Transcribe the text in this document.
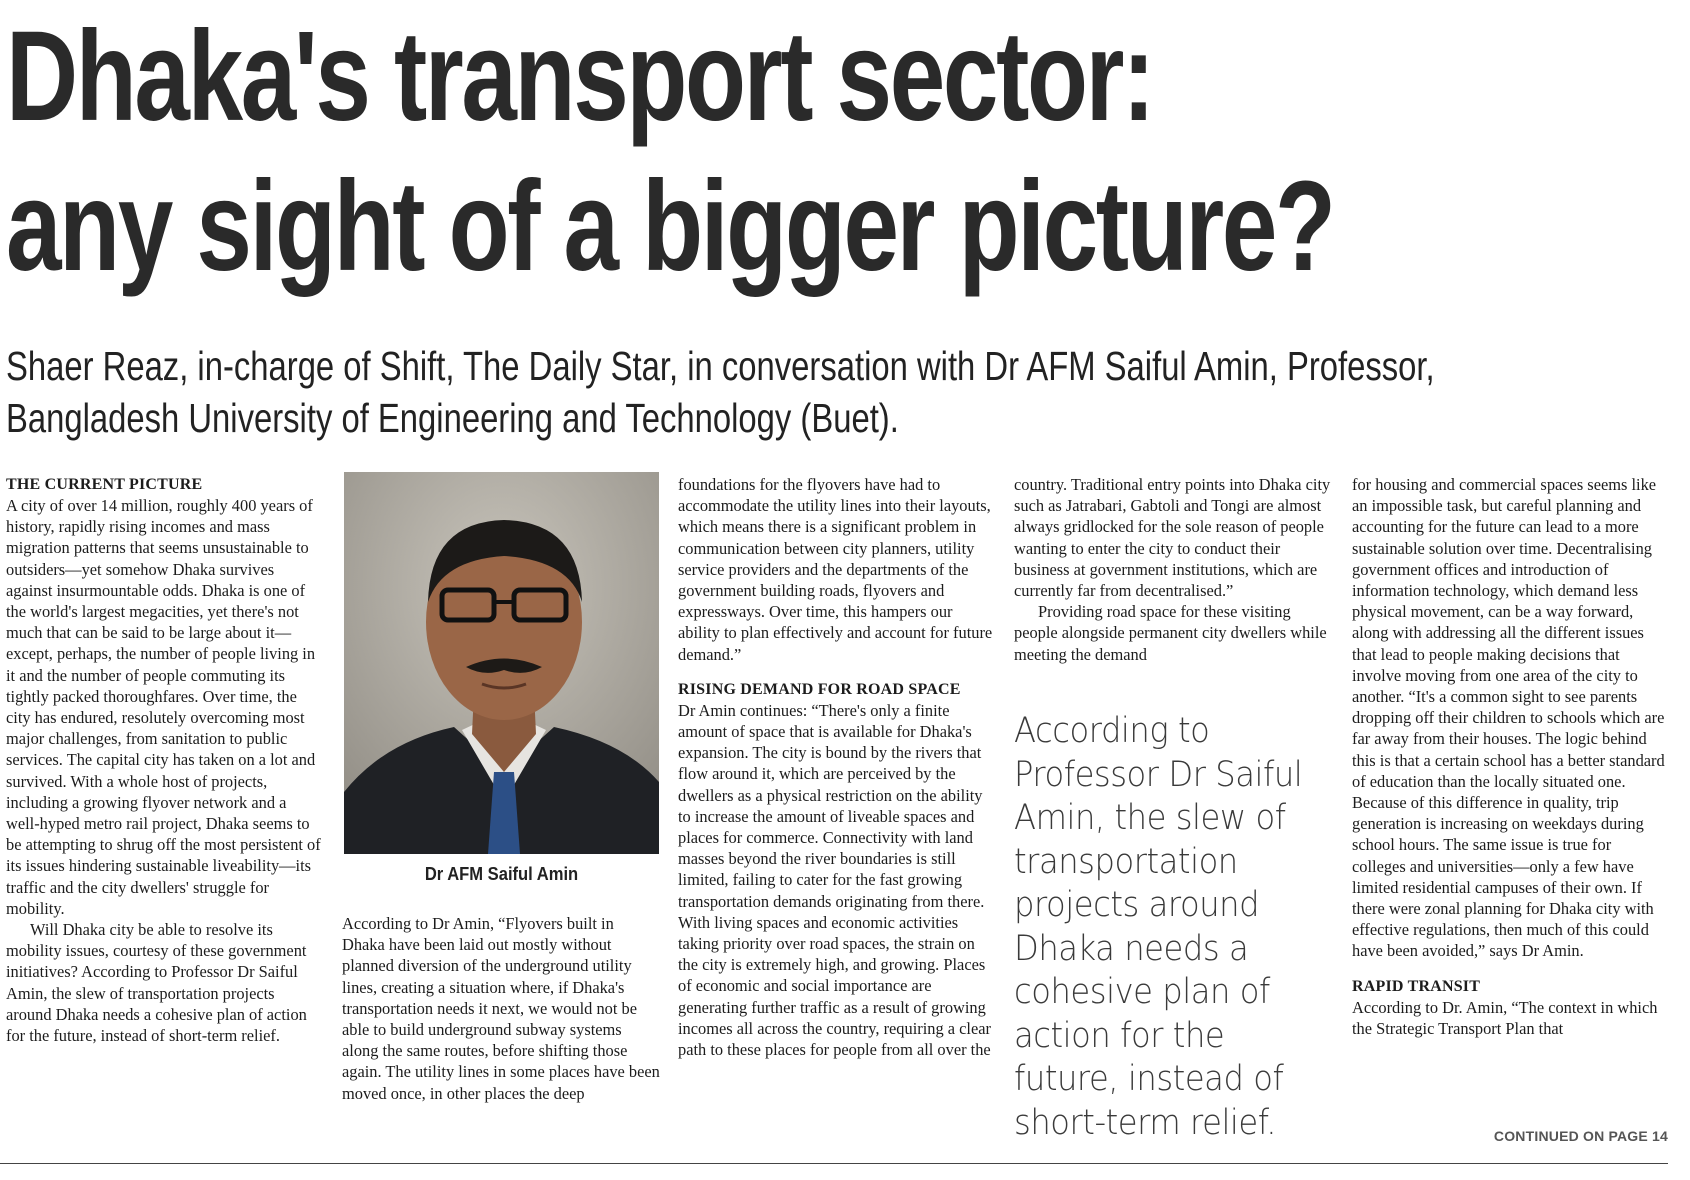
Dhaka's transport sector:
any sight of a bigger picture?
Shaer Reaz, in-charge of Shift, The Daily Star, in conversation with Dr AFM Saiful Amin, Professor,
Bangladesh University of Engineering and Technology (Buet).

THE CURRENT PICTURE

A city of over 14 million, roughly 400 years of history, rapidly rising incomes and mass migration patterns that seems unsustainable to outsiders—yet somehow Dhaka survives against insurmountable odds. Dhaka is one of the world's largest megacities, yet there's not much that can be said to be large about it—except, perhaps, the number of people living in it and the number of people commuting its tightly packed thoroughfares. Over time, the city has endured, resolutely overcoming most major challenges, from sanitation to public services. The capital city has taken on a lot and survived. With a whole host of projects, including a growing flyover network and a well-hyped metro rail project, Dhaka seems to be attempting to shrug off the most persistent of its issues hindering sustainable liveability—its traffic and the city dwellers' struggle for mobility.

Will Dhaka city be able to resolve its mobility issues, courtesy of these government initiatives? According to Professor Dr Saiful Amin, the slew of transportation projects around Dhaka needs a cohesive plan of action for the future, instead of short-term relief.

Dr AFM Saiful Amin

According to Dr Amin, “Flyovers built in Dhaka have been laid out mostly without planned diversion of the underground utility lines, creating a situation where, if Dhaka's transportation needs it next, we would not be able to build underground subway systems along the same routes, before shifting those again. The utility lines in some places have been moved once, in other places the deep

foundations for the flyovers have had to accommodate the utility lines into their layouts, which means there is a significant problem in communication between city planners, utility service providers and the departments of the government building roads, flyovers and expressways. Over time, this hampers our ability to plan effectively and account for future demand.”

RISING DEMAND FOR ROAD SPACE

Dr Amin continues: “There's only a finite amount of space that is available for Dhaka's expansion. The city is bound by the rivers that flow around it, which are perceived by the dwellers as a physical restriction on the ability to increase the amount of liveable spaces and places for commerce. Connectivity with land masses beyond the river boundaries is still limited, failing to cater for the fast growing transportation demands originating from there. With living spaces and economic activities taking priority over road spaces, the strain on the city is extremely high, and growing. Places of economic and social importance are generating further traffic as a result of growing incomes all across the country, requiring a clear path to these places for people from all over the

country. Traditional entry points into Dhaka city such as Jatrabari, Gabtoli and Tongi are almost always gridlocked for the sole reason of people wanting to enter the city to conduct their business at government institutions, which are currently far from decentralised.”

Providing road space for these visiting people alongside permanent city dwellers while meeting the demand

According to Professor Dr Saiful Amin, the slew of transportation projects around Dhaka needs a cohesive plan of action for the future, instead of short-term relief.

for housing and commercial spaces seems like an impossible task, but careful planning and accounting for the future can lead to a more sustainable solution over time. Decentralising government offices and introduction of information technology, which demand less physical movement, can be a way forward, along with addressing all the different issues that lead to people making decisions that involve moving from one area of the city to another. “It's a common sight to see parents dropping off their children to schools which are far away from their houses. The logic behind this is that a certain school has a better standard of education than the locally situated one. Because of this difference in quality, trip generation is increasing on weekdays during school hours. The same issue is true for colleges and universities—only a few have limited residential campuses of their own. If there were zonal planning for Dhaka city with effective regulations, then much of this could have been avoided,” says Dr Amin.

RAPID TRANSIT

According to Dr. Amin, “The context in which the Strategic Transport Plan that

CONTINUED ON PAGE 14
